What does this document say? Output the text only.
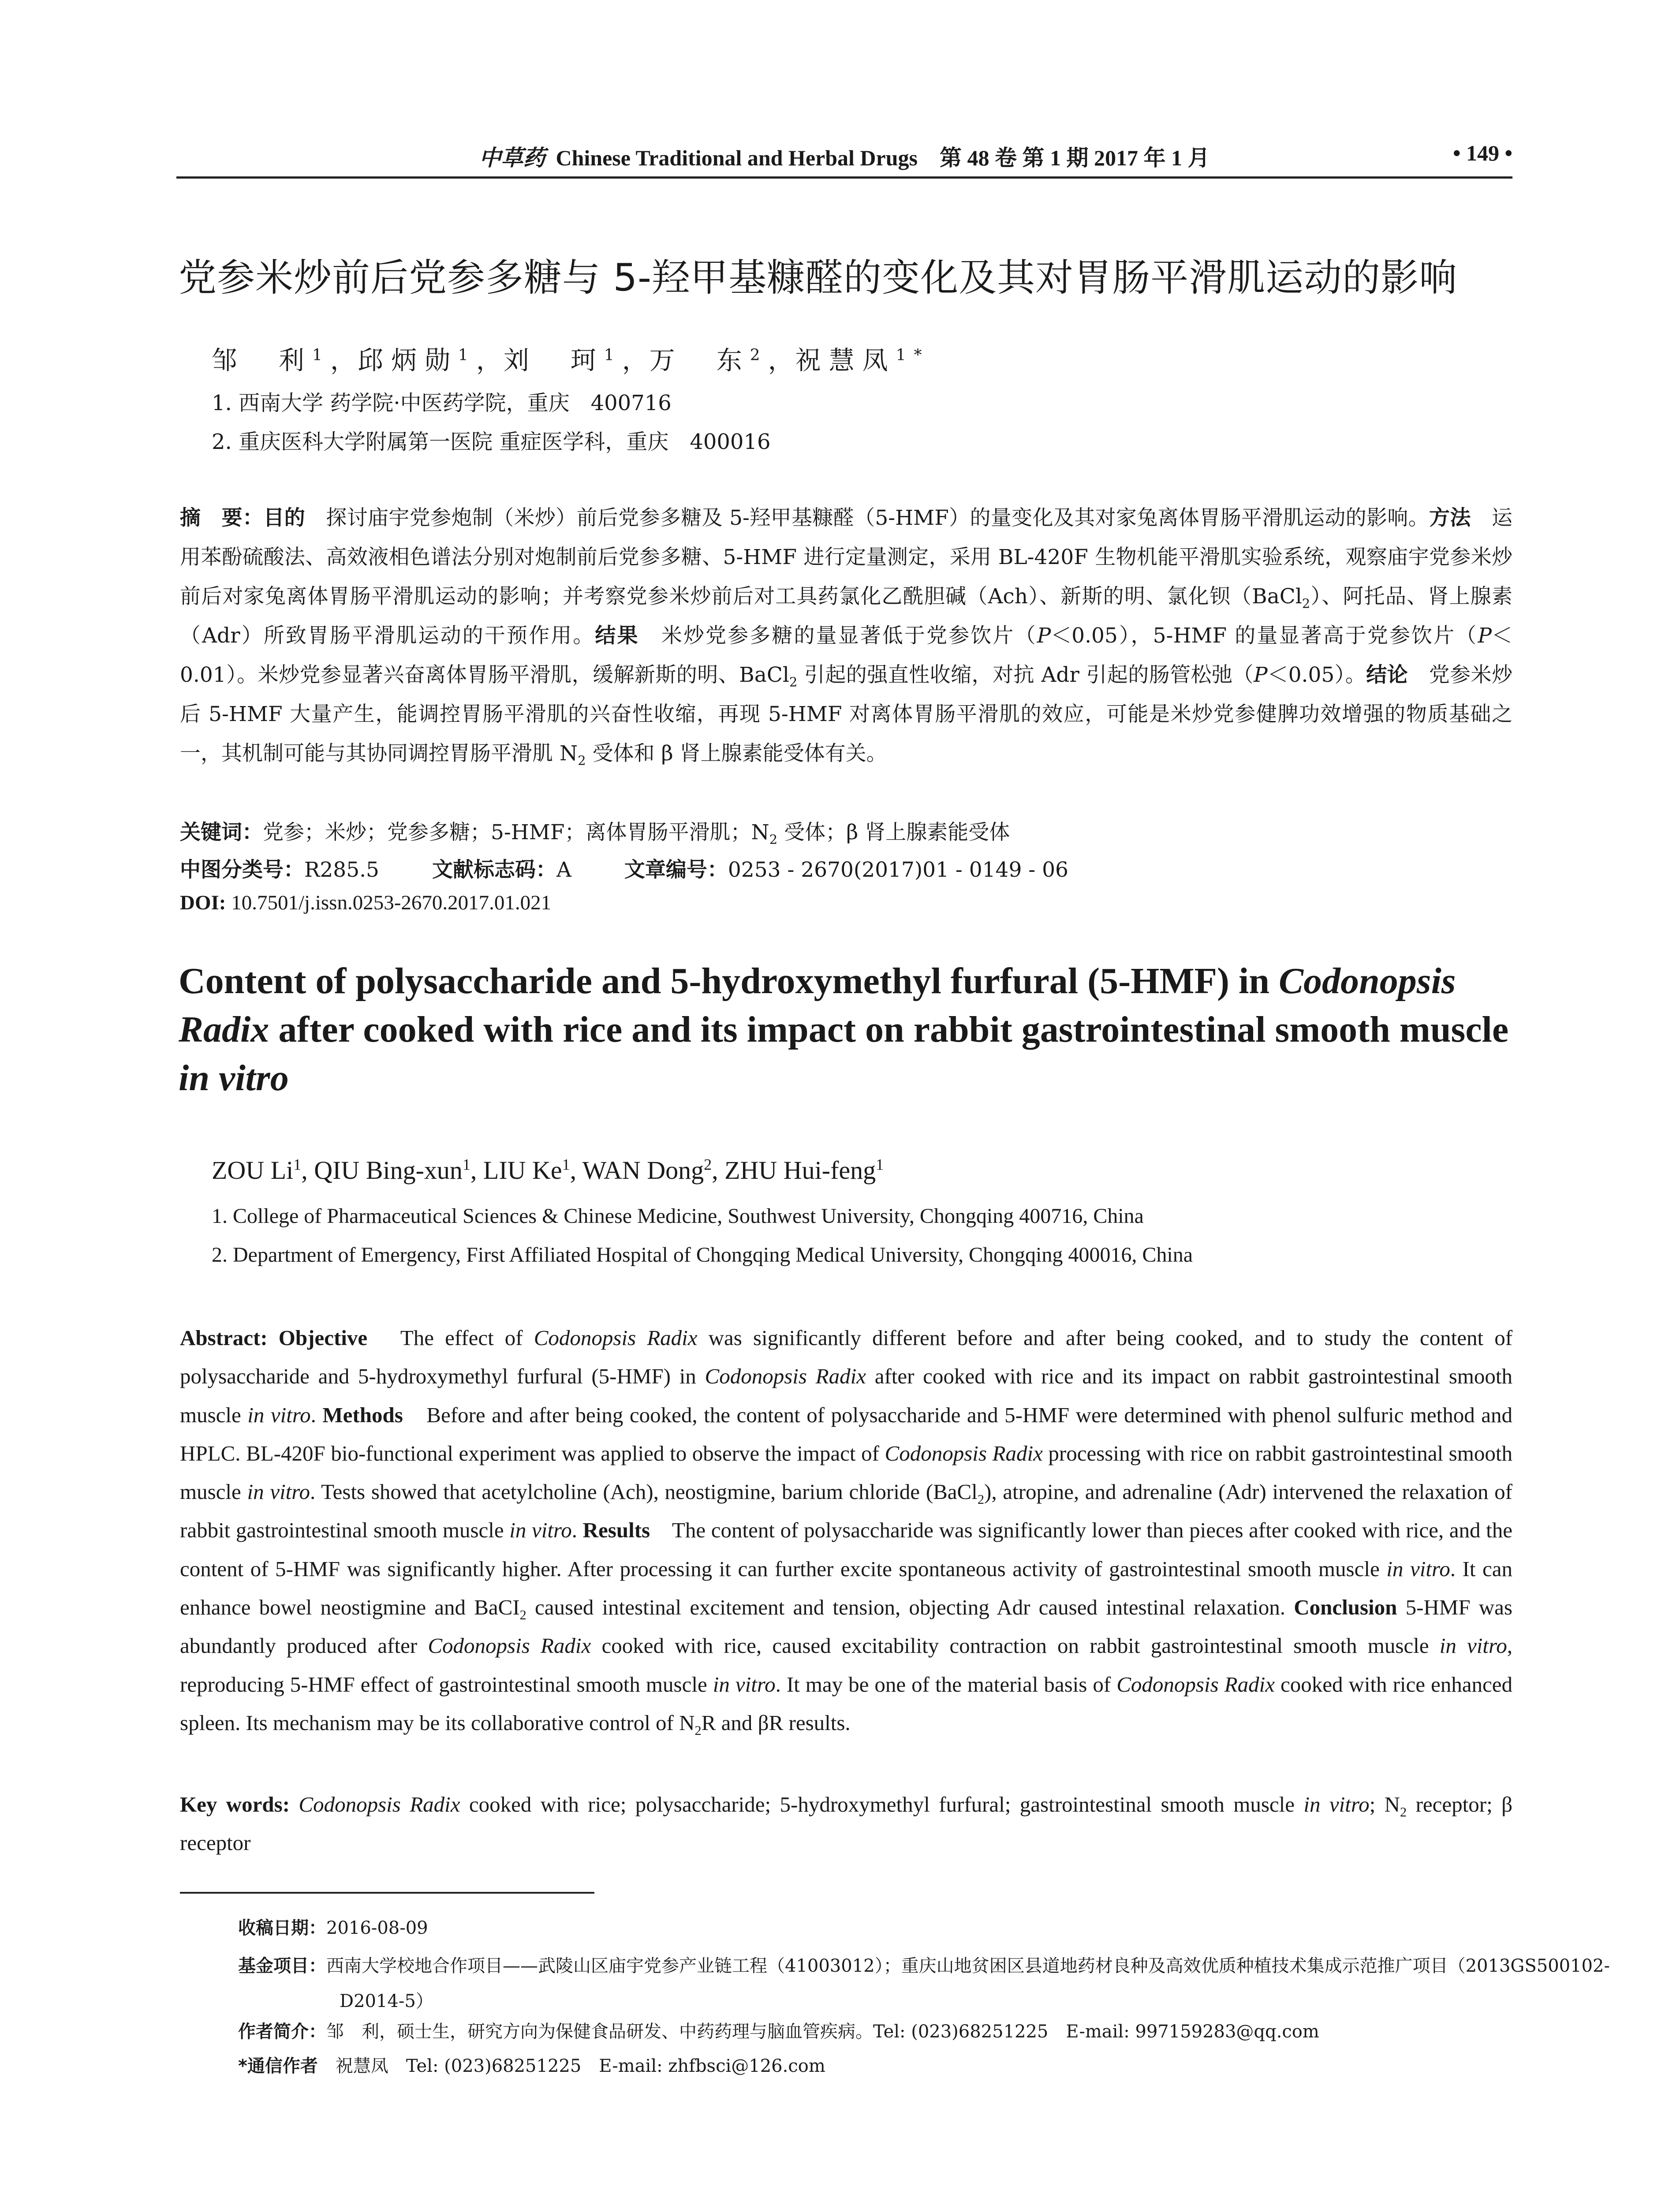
中草药 Chinese Traditional and Herbal Drugs　第 48 卷 第 1 期 2017 年 1 月	• 149 •
党参米炒前后党参多糖与 5-羟甲基糠醛的变化及其对胃肠平滑肌运动的影响
邹　利$^1$，邱炳勋$^1$，刘　珂$^1$，万　东$^2$，祝慧凤$^{1*}$
1. 西南大学 药学院·中医药学院，重庆　400716
2. 重庆医科大学附属第一医院 重症医学科，重庆　400016
摘　要：目的　探讨庙宇党参炮制（米炒）前后党参多糖及 5-羟甲基糠醛（5-HMF）的量变化及其对家兔离体胃肠平滑肌运动的影响。方法　运用苯酚硫酸法、高效液相色谱法分别对炮制前后党参多糖、5-HMF 进行定量测定，采用 BL-420F 生物机能平滑肌实验系统，观察庙宇党参米炒前后对家兔离体胃肠平滑肌运动的影响；并考察党参米炒前后对工具药氯化乙酰胆碱（Ach）、新斯的明、氯化钡（BaCl$_2$）、阿托品、肾上腺素（Adr）所致胃肠平滑肌运动的干预作用。结果　米炒党参多糖的量显著低于党参饮片（P＜0.05），5-HMF 的量显著高于党参饮片（P＜0.01）。米炒党参显著兴奋离体胃肠平滑肌，缓解新斯的明、BaCl$_2$ 引起的强直性收缩，对抗 Adr 引起的肠管松弛（P＜0.05）。结论　党参米炒后 5-HMF 大量产生，能调控胃肠平滑肌的兴奋性收缩，再现 5-HMF 对离体胃肠平滑肌的效应，可能是米炒党参健脾功效增强的物质基础之一，其机制可能与其协同调控胃肠平滑肌 $N_2$ 受体和 β 肾上腺素能受体有关。
关键词：党参；米炒；党参多糖；5-HMF；离体胃肠平滑肌；$N_2$ 受体；β 肾上腺素能受体
中图分类号：R285.5	文献标志码：A	文章编号：0253 - 2670(2017)01 - 0149 - 06
DOI: 10.7501/j.issn.0253-2670.2017.01.021
Content of polysaccharide and 5-hydroxymethyl furfural (5-HMF) in Codonopsis Radix after cooked with rice and its impact on rabbit gastrointestinal smooth muscle in vitro
ZOU Li$^1$, QIU Bing-xun$^1$, LIU Ke$^1$, WAN Dong$^2$, ZHU Hui-feng$^1$
1. College of Pharmaceutical Sciences & Chinese Medicine, Southwest University, Chongqing 400716, China
2. Department of Emergency, First Affiliated Hospital of Chongqing Medical University, Chongqing 400016, China
Abstract: Objective　The effect of Codonopsis Radix was significantly different before and after being cooked, and to study the content of polysaccharide and 5-hydroxymethyl furfural (5-HMF) in Codonopsis Radix after cooked with rice and its impact on rabbit gastrointestinal smooth muscle in vitro. Methods　Before and after being cooked, the content of polysaccharide and 5-HMF were determined with phenol sulfuric method and HPLC. BL-420F bio-functional experiment was applied to observe the impact of Codonopsis Radix processing with rice on rabbit gastrointestinal smooth muscle in vitro. Tests showed that acetylcholine (Ach), neostigmine, barium chloride (BaCl$_2$), atropine, and adrenaline (Adr) intervened the relaxation of rabbit gastrointestinal smooth muscle in vitro. Results　The content of polysaccharide was significantly lower than pieces after cooked with rice, and the content of 5-HMF was significantly higher. After processing it can further excite spontaneous activity of gastrointestinal smooth muscle in vitro. It can enhance bowel neostigmine and BaCI$_2$ caused intestinal excitement and tension, objecting Adr caused intestinal relaxation. Conclusion 5-HMF was abundantly produced after Codonopsis Radix cooked with rice, caused excitability contraction on rabbit gastrointestinal smooth muscle in vitro, reproducing 5-HMF effect of gastrointestinal smooth muscle in vitro. It may be one of the material basis of Codonopsis Radix cooked with rice enhanced spleen. Its mechanism may be its collaborative control of $N_2R$ and βR results.
Key words: Codonopsis Radix cooked with rice; polysaccharide; 5-hydroxymethyl furfural; gastrointestinal smooth muscle in vitro; $N_2$ receptor; β receptor
收稿日期：2016-08-09
基金项目：西南大学校地合作项目——武陵山区庙宇党参产业链工程（41003012）；重庆山地贫困区县道地药材良种及高效优质种植技术集成示范推广项目（2013GS500102-D2014-5）
作者简介：邹　利，硕士生，研究方向为保健食品研发、中药药理与脑血管疾病。Tel: (023)68251225　E-mail: 997159283@qq.com
*通信作者　祝慧凤　Tel: (023)68251225　E-mail: zhfbsci@126.com
